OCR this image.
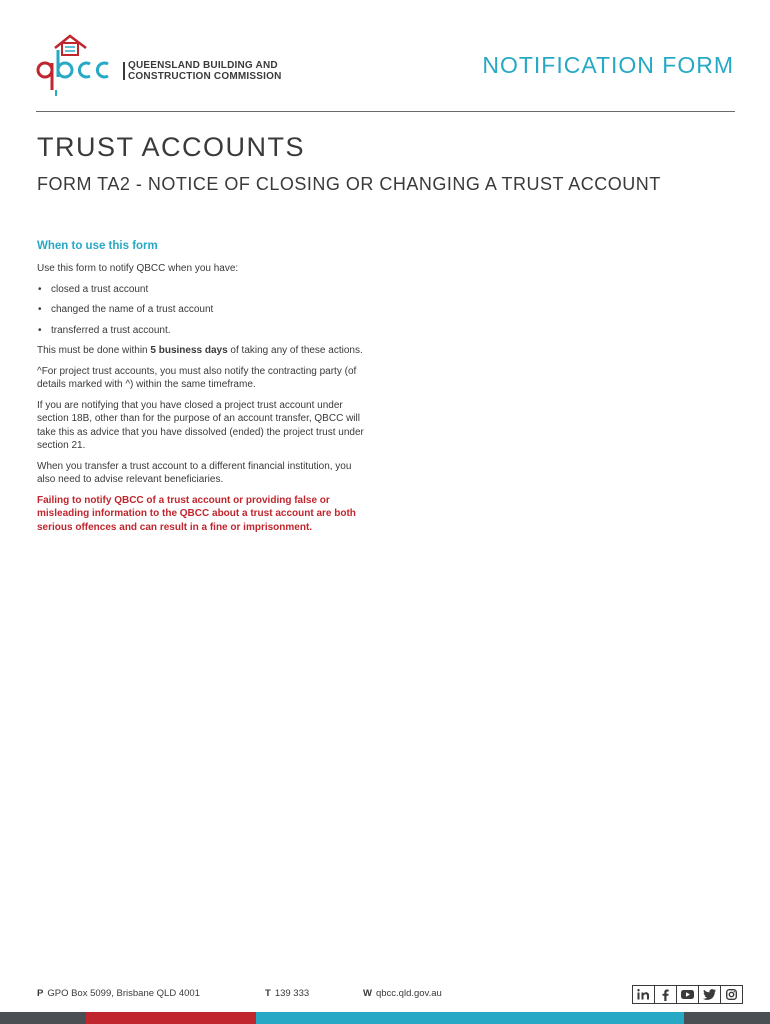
QUEENSLAND BUILDING AND
CONSTRUCTION COMMISSION	NOTIFICATION FORM
TRUST ACCOUNTS
FORM TA2 - NOTICE OF CLOSING OR CHANGING A TRUST ACCOUNT
When to use this form

Use this form to notify QBCC when you have:

• closed a trust account
• changed the name of a trust account
• transferred a trust account.

This must be done within 5 business days of taking any of these actions.

^For project trust accounts, you must also notify the contracting party (of details marked with ^) within the same timeframe.

If you are notifying that you have closed a project trust account under section 18B, other than for the purpose of an account transfer, QBCC will take this as advice that you have dissolved (ended) the project trust under section 21.

When you transfer a trust account to a different financial institution, you also need to advise relevant beneficiaries.

Failing to notify QBCC of a trust account or providing false or misleading information to the QBCC about a trust account are both serious offences and can result in a fine or imprisonment.

P GPO Box 5099, Brisbane QLD 4001	T 139 333	W qbcc.qld.gov.au
